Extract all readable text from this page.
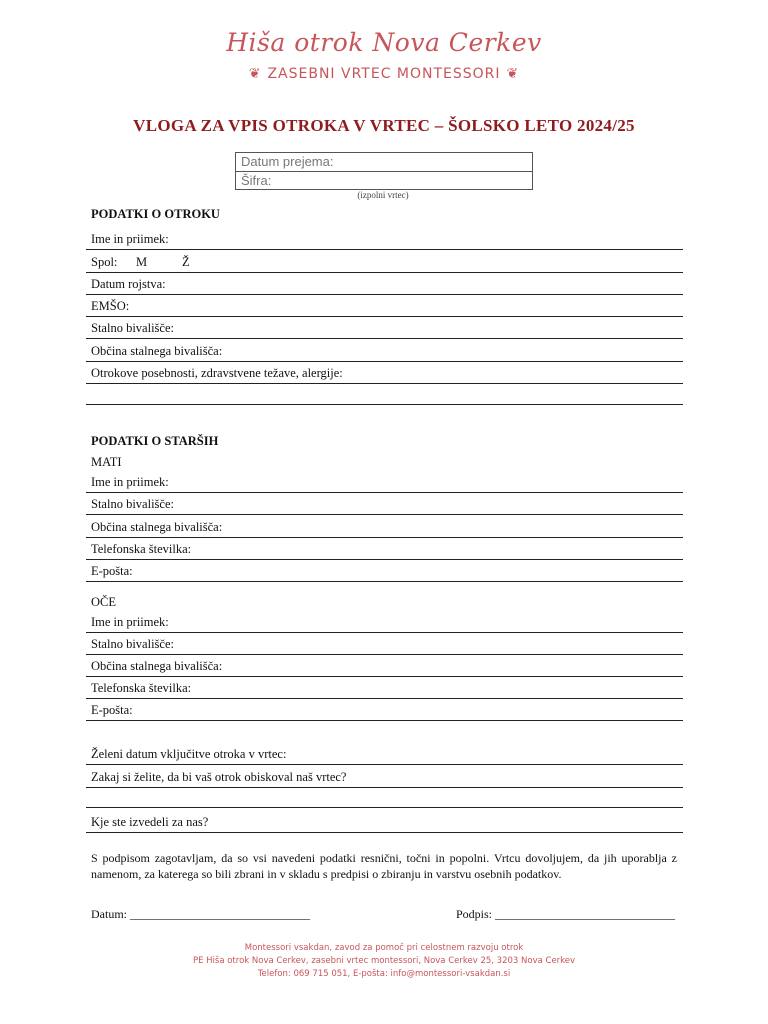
Hiša otrok Nova Cerkev
❦ ZASEBNI VRTEC MONTESSORI ❦
VLOGA ZA VPIS OTROKA V VRTEC – ŠOLSKO LETO 2024/25
Datum prejema:
Šifra:
(izpolni vrtec)
PODATKI O OTROKU
Ime in priimek:
Spol: M	Ž
Datum rojstva:
EMŠO:
Stalno bivališče:
Občina stalnega bivališča:
Otrokove posebnosti, zdravstvene težave, alergije:
PODATKI O STARŠIH
MATI
Ime in priimek:
Stalno bivališče:
Občina stalnega bivališča:
Telefonska številka:
E-pošta:
OČE
Ime in priimek:
Stalno bivališče:
Občina stalnega bivališča:
Telefonska številka:
E-pošta:
Želeni datum vključitve otroka v vrtec:
Zakaj si želite, da bi vaš otrok obiskoval naš vrtec?
Kje ste izvedeli za nas?
S podpisom zagotavljam, da so vsi navedeni podatki resnični, točni in popolni. Vrtcu dovoljujem, da jih uporablja z namenom, za katerega so bili zbrani in v skladu s predpisi o zbiranju in varstvu osebnih podatkov.
Datum: ______________________________	Podpis: ______________________________
Montessori vsakdan, zavod za pomoč pri celostnem razvoju otrok
PE Hiša otrok Nova Cerkev, zasebni vrtec montessori, Nova Cerkev 25, 3203 Nova Cerkev
Telefon: 069 715 051, E-pošta: info@montessori-vsakdan.si
